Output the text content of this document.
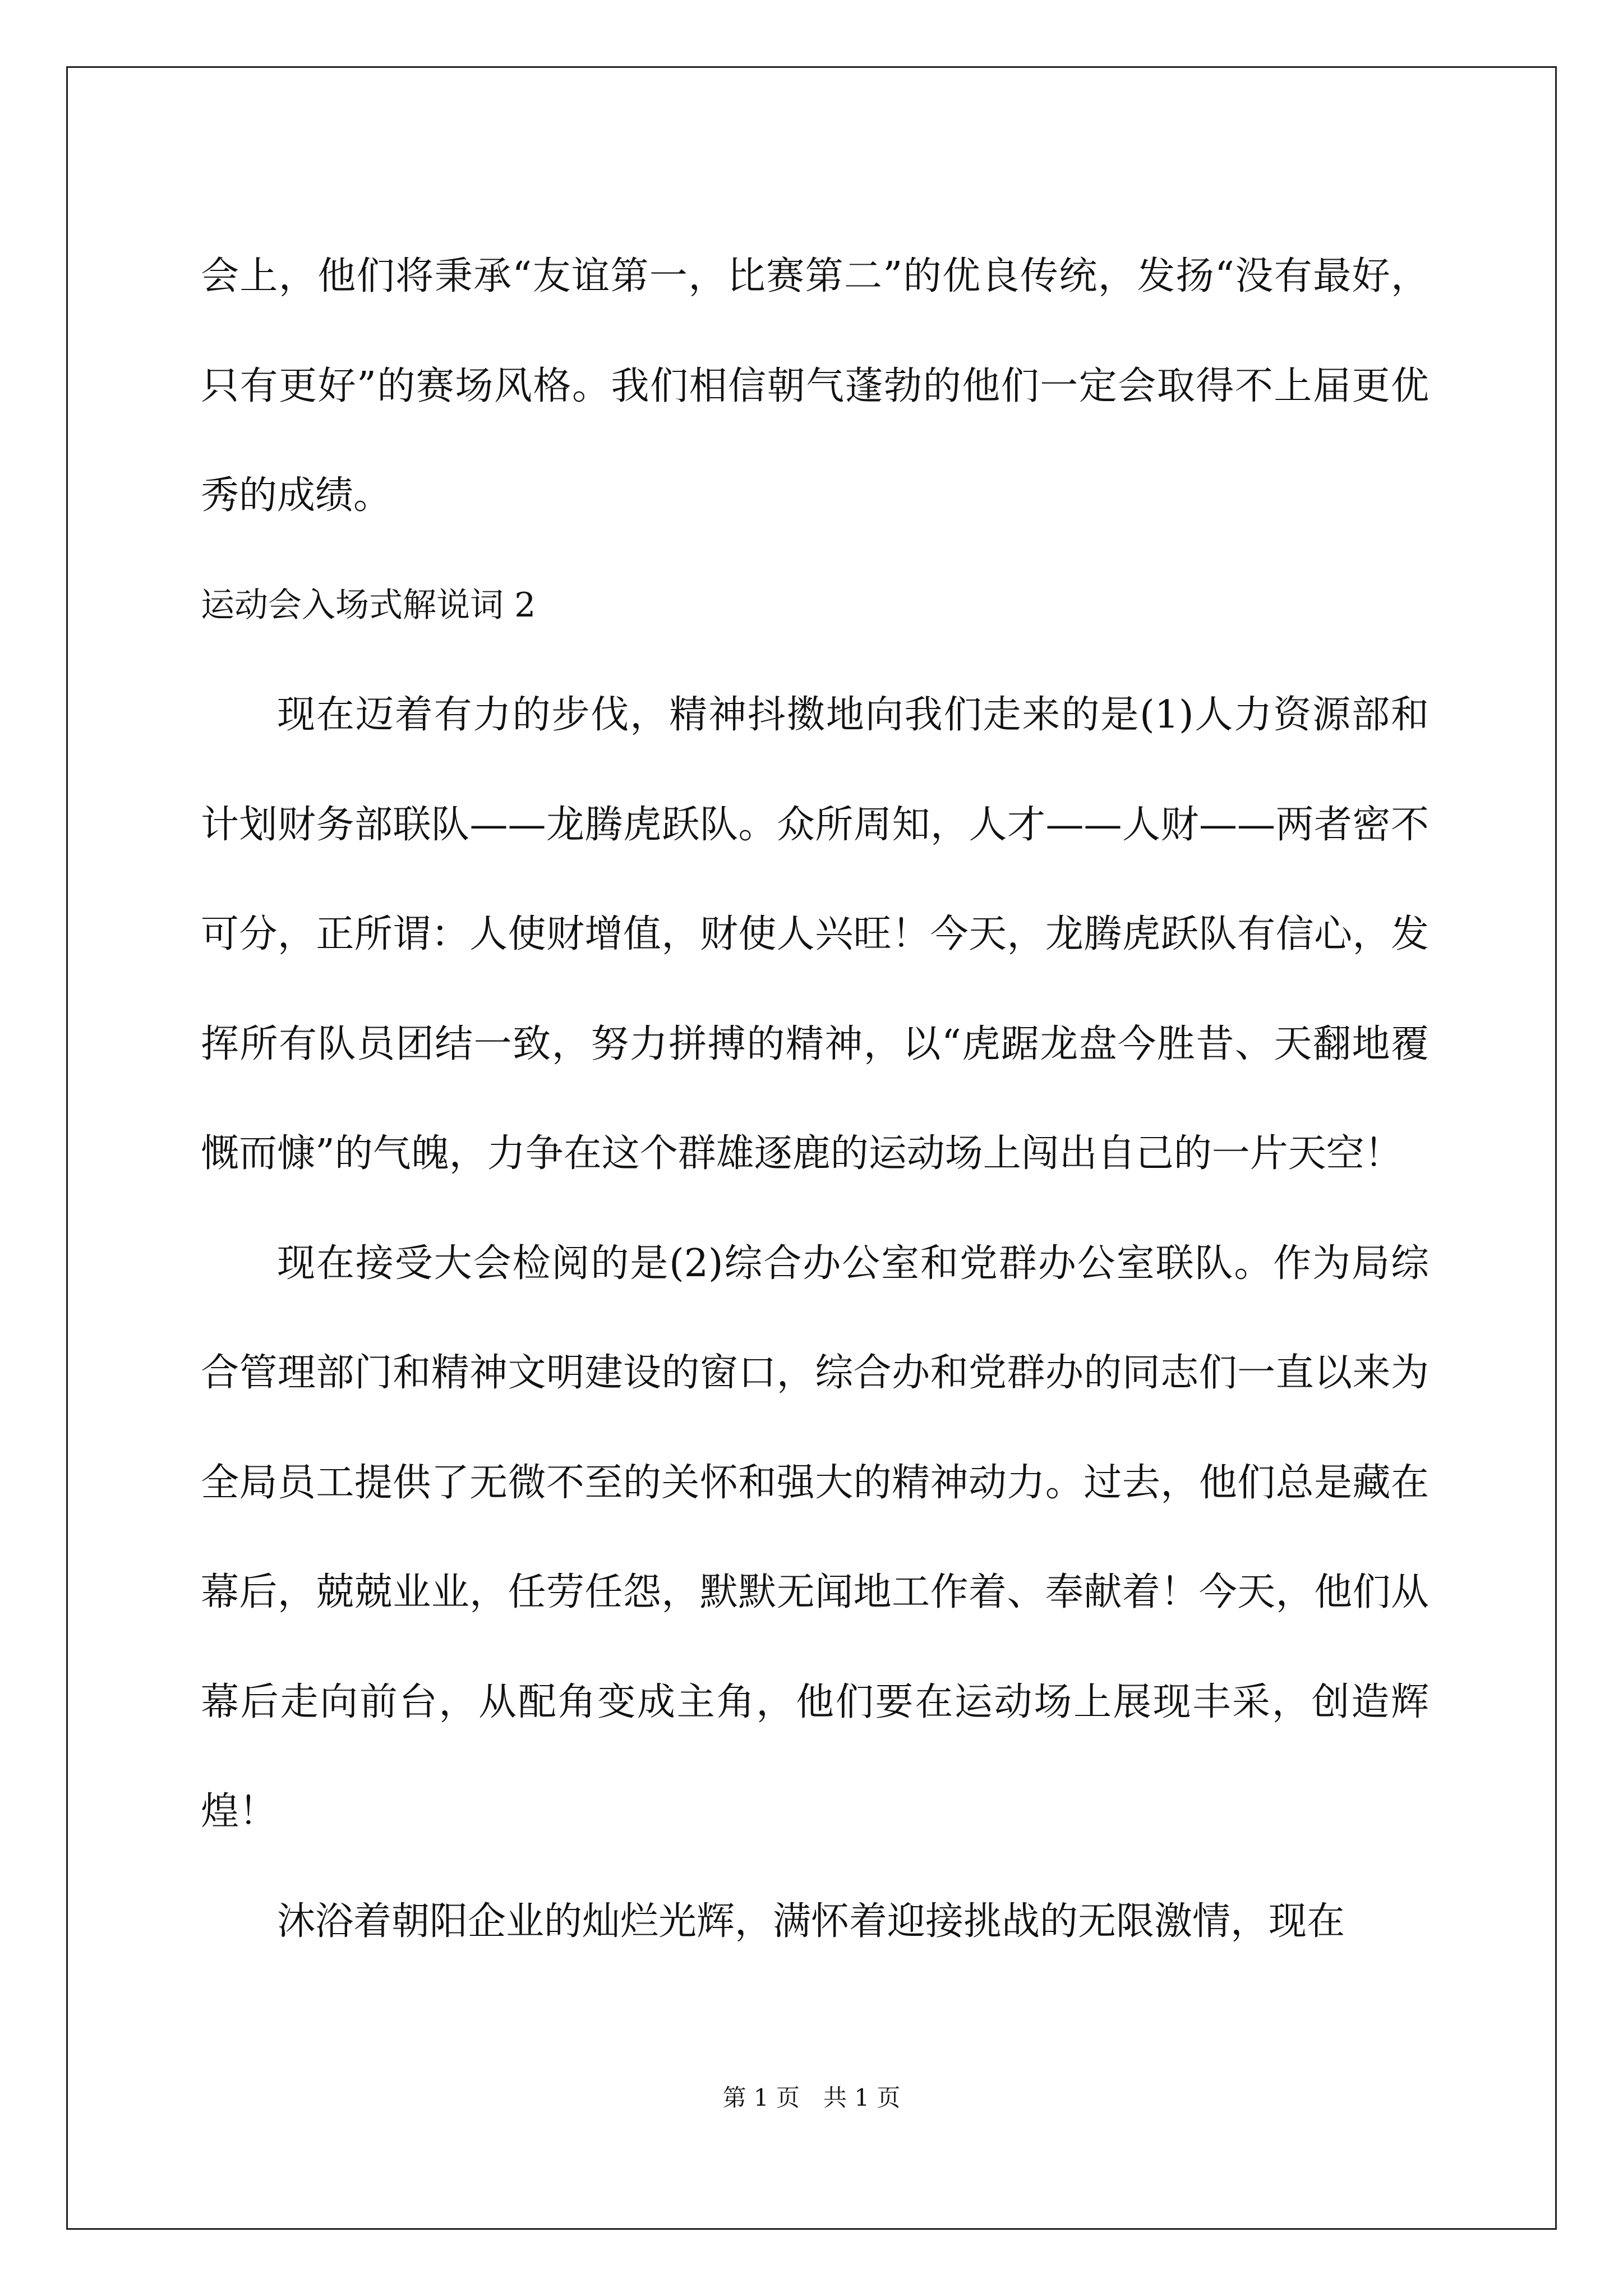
会上，他们将秉承“友谊第一，比赛第二”的优良传统，发扬“没有最好，只有更好”的赛场风格。我们相信朝气蓬勃的他们一定会取得不上届更优秀的成绩。

运动会入场式解说词 2

现在迈着有力的步伐，精神抖擞地向我们走来的是(1)人力资源部和计划财务部联队——龙腾虎跃队。众所周知，人才——人财——两者密不可分，正所谓：人使财增值，财使人兴旺！今天，龙腾虎跃队有信心，发挥所有队员团结一致，努力拼搏的精神，以“虎踞龙盘今胜昔、天翻地覆慨而慷”的气魄，力争在这个群雄逐鹿的运动场上闯出自己的一片天空！

现在接受大会检阅的是(2)综合办公室和党群办公室联队。作为局综合管理部门和精神文明建设的窗口，综合办和党群办的同志们一直以来为全局员工提供了无微不至的关怀和强大的精神动力。过去，他们总是藏在幕后，兢兢业业，任劳任怨，默默无闻地工作着、奉献着！今天，他们从幕后走向前台，从配角变成主角，他们要在运动场上展现丰采，创造辉煌！

沐浴着朝阳企业的灿烂光辉，满怀着迎接挑战的无限激情，现在

第 1 页　共 1 页
